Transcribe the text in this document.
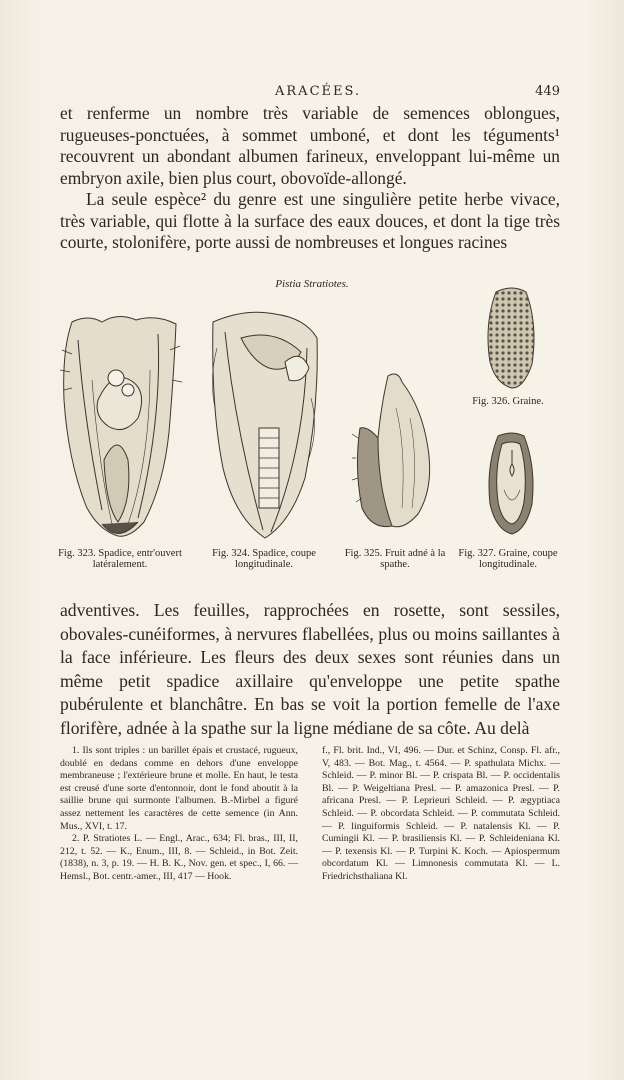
ARACÉES.	449

et renferme un nombre très variable de semences oblongues, rugueuses-ponctuées, à sommet umboné, et dont les téguments¹ recouvrent un abondant albumen farineux, enveloppant lui-même un embryon axile, bien plus court, obovoïde-allongé.

La seule espèce² du genre est une singulière petite herbe vivace, très variable, qui flotte à la surface des eaux douces, et dont la tige très courte, stolonifère, porte aussi de nombreuses et longues racines

Pistia Stratiotes.
Fig. 323. Spadice, entr'ouvert latéralement.
Fig. 324. Spadice, coupe longitudinale.
Fig. 325. Fruit adné à la spathe.
Fig. 326. Graine.
Fig. 327. Graine, coupe longitudinale.

adventives. Les feuilles, rapprochées en rosette, sont sessiles, obovales-cunéiformes, à nervures flabellées, plus ou moins saillantes à la face inférieure. Les fleurs des deux sexes sont réunies dans un même petit spadice axillaire qu'enveloppe une petite spathe pubérulente et blanchâtre. En bas se voit la portion femelle de l'axe florifère, adnée à la spathe sur la ligne médiane de sa côte. Au delà

1. Ils sont triples : un barillet épais et crustacé, rugueux, doublé en dedans comme en dehors d'une enveloppe membraneuse ; l'extérieure brune et molle. En haut, le testa est creusé d'une sorte d'entonnoir, dont le fond aboutit à la saillie brune qui surmonte l'albumen. B.-Mirbel a figuré assez nettement les caractères de cette semence (in Ann. Mus., XVI, t. 17.

2. P. Stratiotes L. — Engl., Arac., 634; Fl. bras., III, II, 212, t. 52. — K., Enum., III, 8. — Schleid., in Bot. Zeit. (1838), n. 3, p. 19. — H. B. K., Nov. gen. et spec., I, 66. — Hemsl., Bot. centr.-amer., III, 417 — Hook.

f., Fl. brit. Ind., VI, 496. — Dur. et Schinz, Consp. Fl. afr., V, 483. — Bot. Mag., t. 4564. — P. spathulata Michx. — Schleid. — P. minor Bl. — P. crispata Bl. — P. occidentalis Bl. — P. Weigeltiana Presl. — P. amazonica Presl. — P. africana Presl. — P. Leprieuri Schleid. — P. ægyptiaca Schleid. — P. obcordata Schleid. — P. commutata Schleid. — P. linguiformis Schleid. — P. natalensis Kl. — P. Cumingii Kl. — P. brasiliensis Kl. — P. Schleideniana Kl. — P. texensis Kl. — P. Turpini K. Koch. — Apiospermum obcordatum Kl. — Limnonesis commutata Kl. — L. Friedrichsthaliana Kl.
